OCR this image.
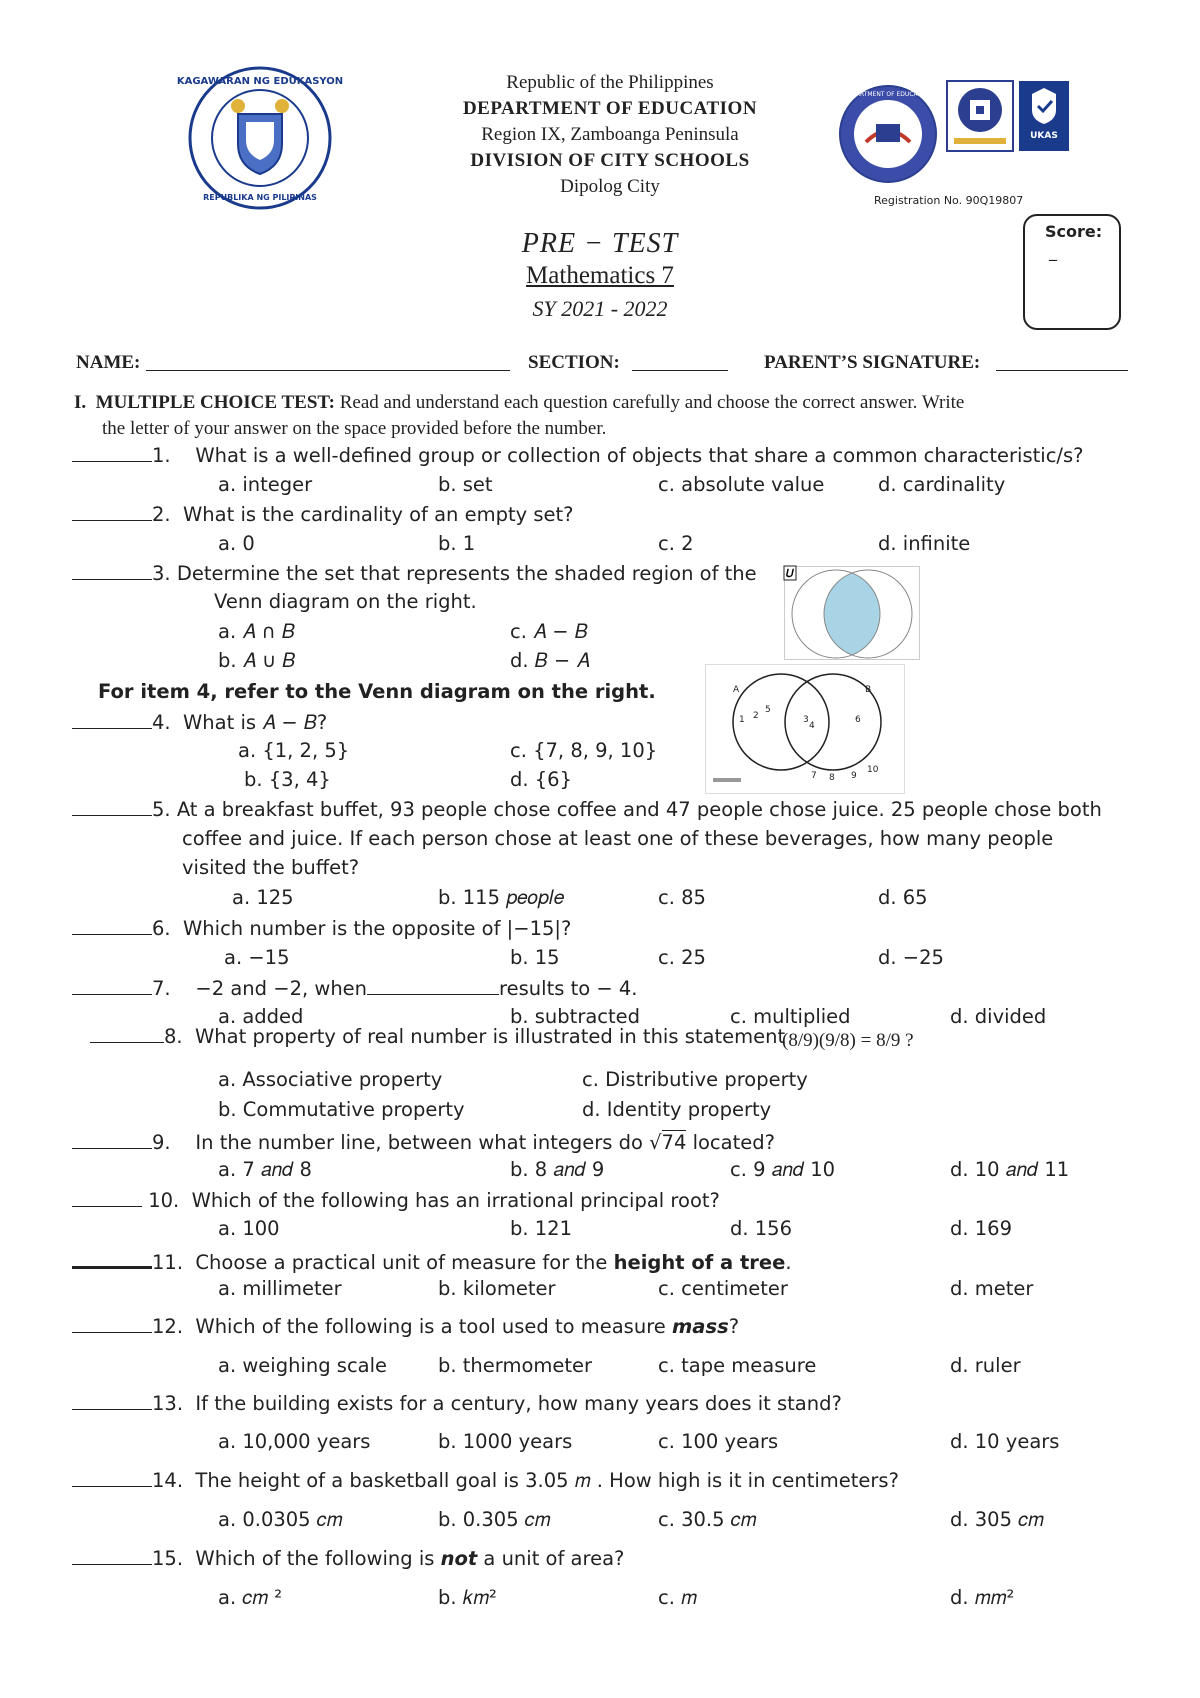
KAGAWARAN NG EDUKASYON
REPUBLIKA NG PILIPINAS
DEPARTMENT OF EDUCATION
UKAS
Republic of the Philippines
DEPARTMENT OF EDUCATION
Region IX, Zamboanga Peninsula
DIVISION OF CITY SCHOOLS
Dipolog City
Registration No. 90Q19807
PRE − TEST
Mathematics 7
SY 2021 - 2022
Score:
_
NAME:	SECTION:	PARENT’S SIGNATURE:
I. MULTIPLE CHOICE TEST: Read and understand each question carefully and choose the correct answer. Write
the letter of your answer on the space provided before the number.
1. What is a well-defined group or collection of objects that share a common characteristic/s?
a. integer	b. set	c. absolute value	d. cardinality
2. What is the cardinality of an empty set?
a. 0	b. 1	c. 2	d. infinite
3. Determine the set that represents the shaded region of the
Venn diagram on the right.
a. 𝐴 ∩ 𝐵	c. 𝐴 − 𝐵
b. 𝐴 ∪ 𝐵	d. 𝐵 − 𝐴
𝑈
For item 4, refer to the Venn diagram on the right.
4. What is 𝐴 − 𝐵?
a. {1, 2, 5}	c. {7, 8, 9, 10}
b. {3, 4}	d. {6}
A	B
1 2
5
3
4
6
7 8 9
10
5. At a breakfast buffet, 93 people chose coffee and 47 people chose juice. 25 people chose both
coffee and juice. If each person chose at least one of these beverages, how many people
visited the buffet?
a. 125	b. 115 𝑝𝑒𝑜𝑝𝑙𝑒	c. 85	d. 65
6. Which number is the opposite of |−15|?
a. −15	b. 15	c. 25	d. −25
7. −2 and −2, when	results to − 4.
a. added	b. subtracted	c. multiplied	d. divided
8. What property of real number is illustrated in this statement
(8/9)(9/8) = 8/9 ?
a. Associative property	c. Distributive property
b. Commutative property	d. Identity property
9. In the number line, between what integers do √74 located?
a. 7 𝑎𝑛𝑑 8	b. 8 𝑎𝑛𝑑 9	c. 9 𝑎𝑛𝑑 10	d. 10 𝑎𝑛𝑑 11
10. Which of the following has an irrational principal root?
a. 100	b. 121	d. 156	d. 169
11. Choose a practical unit of measure for the height of a tree.
a. millimeter	b. kilometer	c. centimeter	d. meter
12. Which of the following is a tool used to measure mass?
a. weighing scale	b. thermometer	c. tape measure	d. ruler
13. If the building exists for a century, how many years does it stand?
a. 10,000 years	b. 1000 years	c. 100 years	d. 10 years
14. The height of a basketball goal is 3.05 𝑚 . How high is it in centimeters?
a. 0.0305 𝑐𝑚	b. 0.305 𝑐𝑚	c. 30.5 𝑐𝑚	d. 305 𝑐𝑚
15. Which of the following is not a unit of area?
a. 𝑐𝑚 ²	b. 𝑘𝑚²	c. 𝑚	d. 𝑚𝑚²
